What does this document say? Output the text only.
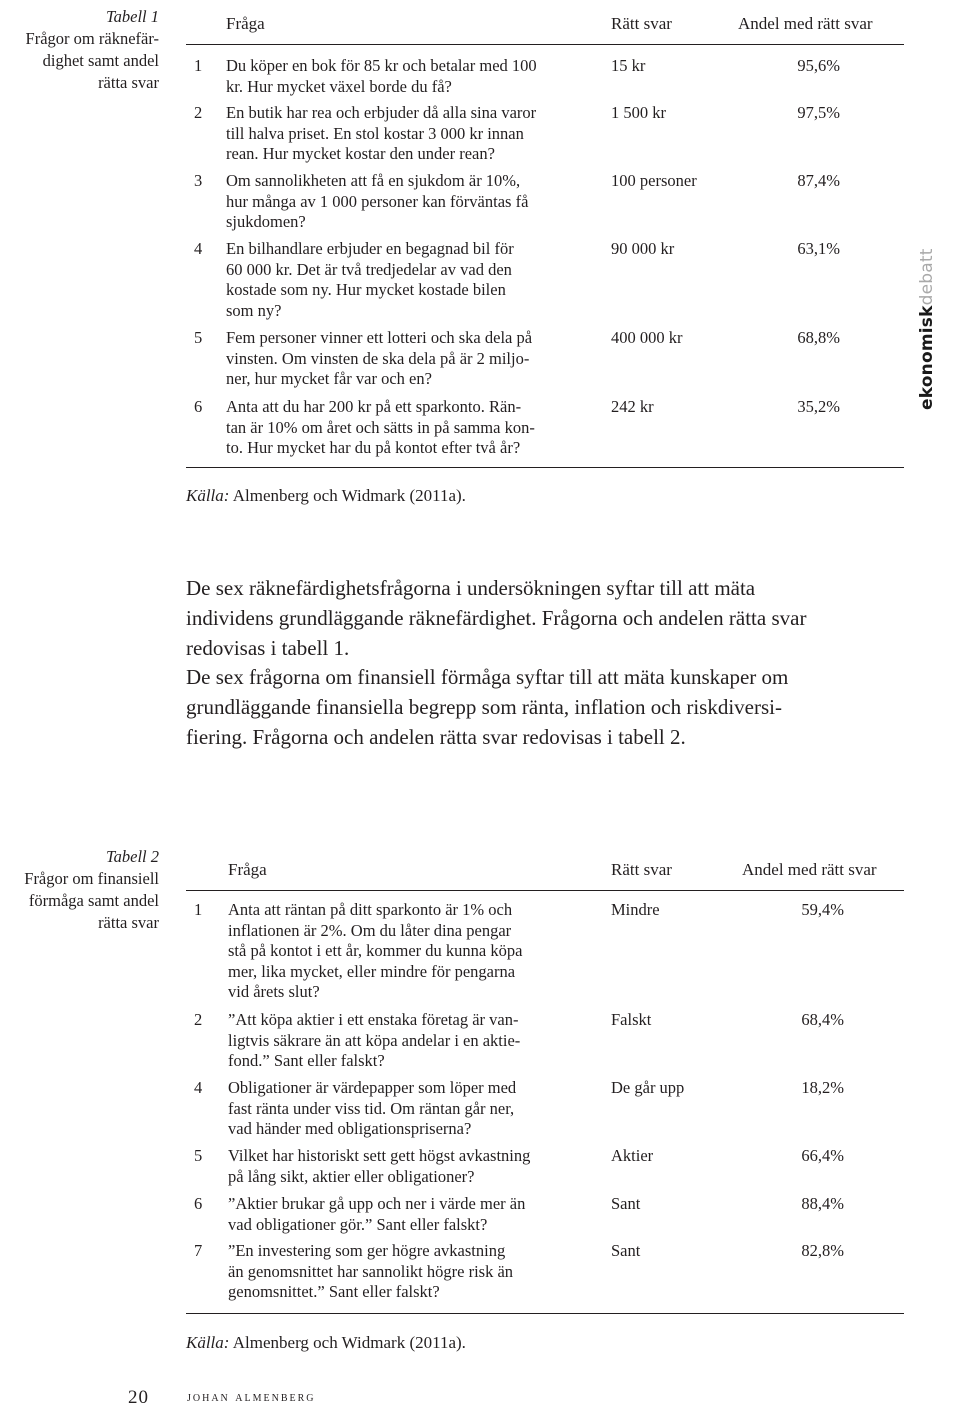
Tabell 1
Frågor om räknefär-
dighet samt andel
rätta svar
Fråga	Rätt svar	Andel med rätt svar
1	Du köper en bok för 85 kr och betalar med 100
kr. Hur mycket växel borde du få?
15 kr	95,6%
2	En butik har rea och erbjuder då alla sina varor
till halva priset. En stol kostar 3 000 kr innan
rean. Hur mycket kostar den under rean?
1 500 kr	97,5%
3	Om sannolikheten att få en sjukdom är 10%,
hur många av 1 000 personer kan förväntas få
sjukdomen?
100 personer	87,4%
4	En bilhandlare erbjuder en begagnad bil för
60 000 kr. Det är två tredjedelar av vad den
kostade som ny. Hur mycket kostade bilen
som ny?
90 000 kr	63,1%
5	Fem personer vinner ett lotteri och ska dela på
vinsten. Om vinsten de ska dela på är 2 miljo-
ner, hur mycket får var och en?
400 000 kr	68,8%
6	Anta att du har 200 kr på ett sparkonto. Rän-
tan är 10% om året och sätts in på samma kon-
to. Hur mycket har du på kontot efter två år?
242 kr	35,2%
Källa: Almenberg och Widmark (2011a).
ekonomiskdebatt
De sex räknefärdighetsfrågorna i undersökningen syftar till att mäta
individens grundläggande räknefärdighet. Frågorna och andelen rätta svar
redovisas i tabell 1.
De sex frågorna om finansiell förmåga syftar till att mäta kunskaper om
grundläggande finansiella begrepp som ränta, inflation och riskdiversi-
fiering. Frågorna och andelen rätta svar redovisas i tabell 2.
Tabell 2
Frågor om finansiell
förmåga samt andel
rätta svar
Fråga	Rätt svar	Andel med rätt svar
1	Anta att räntan på ditt sparkonto är 1% och
inflationen är 2%. Om du låter dina pengar
stå på kontot i ett år, kommer du kunna köpa
mer, lika mycket, eller mindre för pengarna
vid årets slut?
Mindre	59,4%
2	”Att köpa aktier i ett enstaka företag är van-
ligtvis säkrare än att köpa andelar i en aktie-
fond.” Sant eller falskt?
Falskt	68,4%
4	Obligationer är värdepapper som löper med
fast ränta under viss tid. Om räntan går ner,
vad händer med obligationspriserna?
De går upp	18,2%
5	Vilket har historiskt sett gett högst avkastning
på lång sikt, aktier eller obligationer?
Aktier	66,4%
6	”Aktier brukar gå upp och ner i värde mer än
vad obligationer gör.” Sant eller falskt?
Sant	88,4%
7	”En investering som ger högre avkastning
än genomsnittet har sannolikt högre risk än
genomsnittet.” Sant eller falskt?
Sant	82,8%
Källa: Almenberg och Widmark (2011a).
20	johan almenberg
